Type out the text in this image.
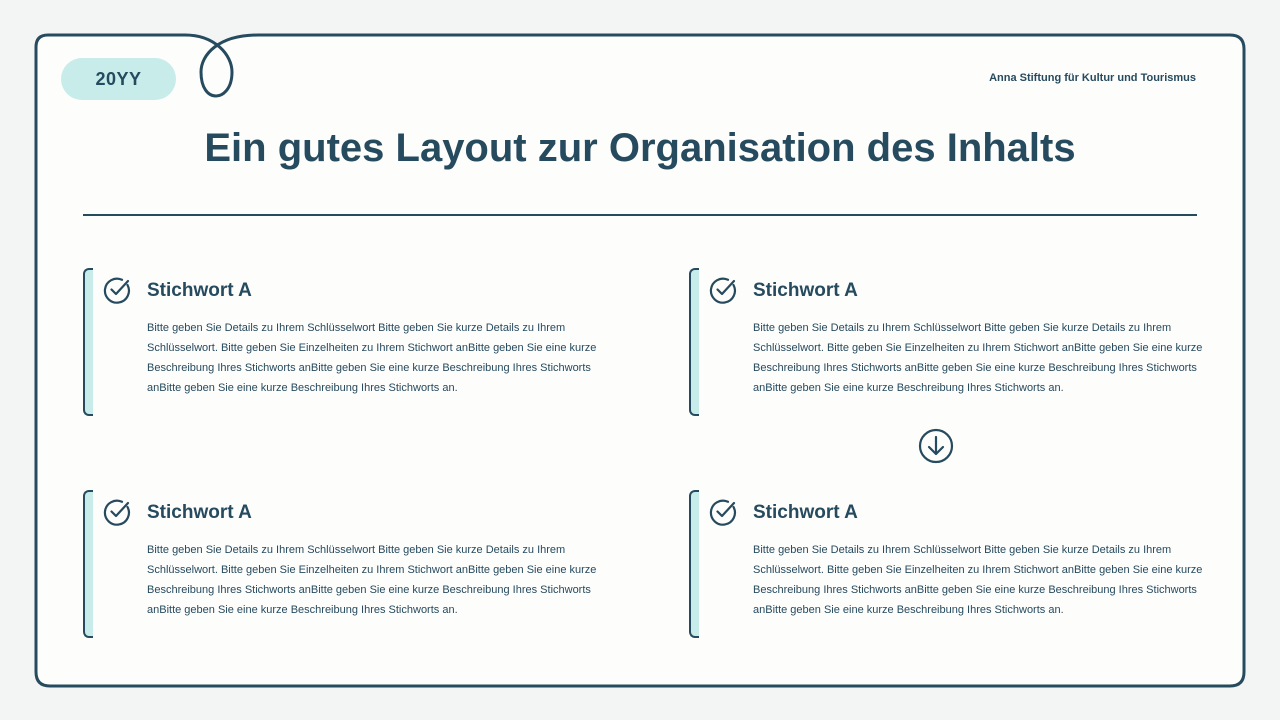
20YY	Anna Stiftung für Kultur und Tourismus
Ein gutes Layout zur Organisation des Inhalts
Stichwort A
Bitte geben Sie Details zu Ihrem Schlüsselwort Bitte geben Sie kurze Details zu Ihrem Schlüsselwort. Bitte geben Sie Einzelheiten zu Ihrem Stichwort anBitte geben Sie eine kurze Beschreibung Ihres Stichworts anBitte geben Sie eine kurze Beschreibung Ihres Stichworts anBitte geben Sie eine kurze Beschreibung Ihres Stichworts an.
Stichwort A
Bitte geben Sie Details zu Ihrem Schlüsselwort Bitte geben Sie kurze Details zu Ihrem Schlüsselwort. Bitte geben Sie Einzelheiten zu Ihrem Stichwort anBitte geben Sie eine kurze Beschreibung Ihres Stichworts anBitte geben Sie eine kurze Beschreibung Ihres Stichworts anBitte geben Sie eine kurze Beschreibung Ihres Stichworts an.
Stichwort A
Bitte geben Sie Details zu Ihrem Schlüsselwort Bitte geben Sie kurze Details zu Ihrem Schlüsselwort. Bitte geben Sie Einzelheiten zu Ihrem Stichwort anBitte geben Sie eine kurze Beschreibung Ihres Stichworts anBitte geben Sie eine kurze Beschreibung Ihres Stichworts anBitte geben Sie eine kurze Beschreibung Ihres Stichworts an.
Stichwort A
Bitte geben Sie Details zu Ihrem Schlüsselwort Bitte geben Sie kurze Details zu Ihrem Schlüsselwort. Bitte geben Sie Einzelheiten zu Ihrem Stichwort anBitte geben Sie eine kurze Beschreibung Ihres Stichworts anBitte geben Sie eine kurze Beschreibung Ihres Stichworts anBitte geben Sie eine kurze Beschreibung Ihres Stichworts an.
